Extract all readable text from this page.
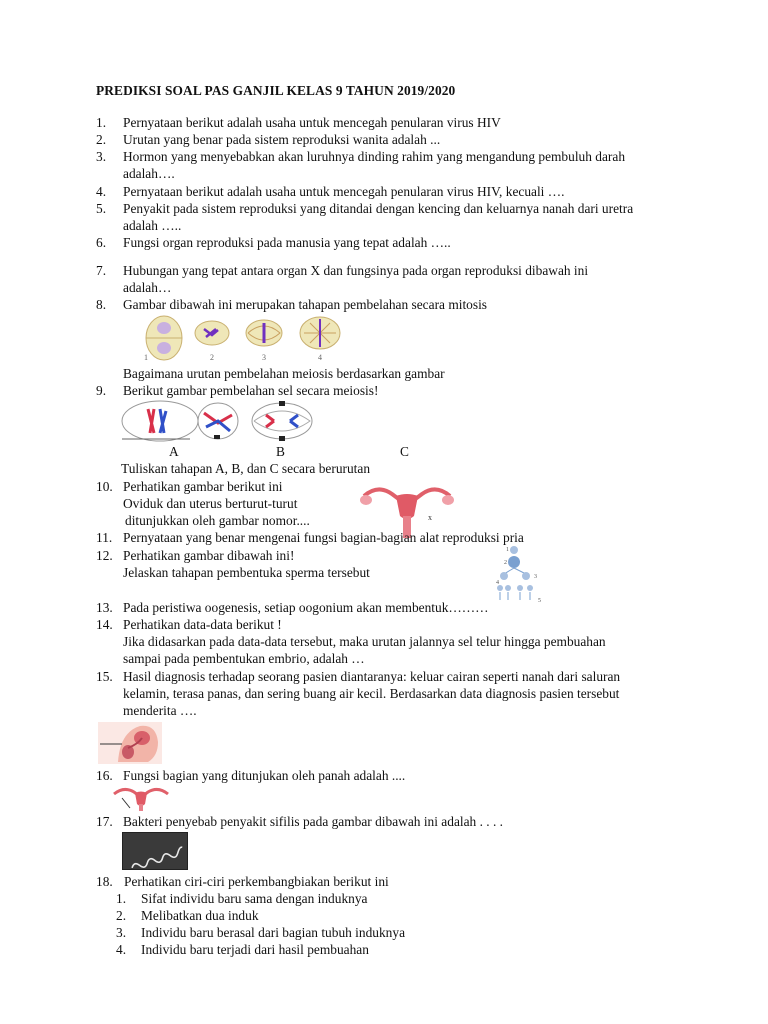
PREDIKSI SOAL PAS GANJIL KELAS 9 TAHUN 2019/2020
1. Pernyataan berikut adalah usaha untuk mencegah penularan virus HIV
2. Urutan yang benar pada sistem reproduksi wanita adalah ...
3. Hormon yang menyebabkan akan luruhnya dinding rahim yang mengandung pembuluh darah
adalah….
4. Pernyataan berikut adalah usaha untuk mencegah penularan virus HIV, kecuali ….
5. Penyakit pada sistem reproduksi yang ditandai dengan kencing dan keluarnya nanah dari uretra
adalah …..
6. Fungsi organ reproduksi pada manusia yang tepat adalah …..
7. Hubungan yang tepat antara organ X dan fungsinya pada organ reproduksi dibawah ini
adalah…
8. Gambar dibawah ini merupakan tahapan pembelahan secara mitosis
1	2	3	4
Bagaimana urutan pembelahan meiosis berdasarkan gambar
9. Berikut gambar pembelahan sel secara meiosis!
A	B	C
Tuliskan tahapan A, B, dan C secara berurutan
10. Perhatikan gambar berikut ini
Oviduk dan uterus berturut-turut
ditunjukkan oleh gambar nomor....	x
11. Pernyataan yang benar mengenai fungsi bagian-bagian alat reproduksi pria
12. Perhatikan gambar dibawah ini!
Jelaskan tahapan pembentuka sperma tersebut
1
2
3
4
5
13. Pada peristiwa oogenesis, setiap oogonium akan membentuk………
14. Perhatikan data-data berikut !
Jika didasarkan pada data-data tersebut, maka urutan jalannya sel telur hingga pembuahan
sampai pada pembentukan embrio, adalah …
15. Hasil diagnosis terhadap seorang pasien diantaranya: keluar cairan seperti nanah dari saluran
kelamin, terasa panas, dan sering buang air kecil. Berdasarkan data diagnosis pasien tersebut
menderita ….
16. Fungsi bagian yang ditunjukan oleh panah adalah ....
17. Bakteri penyebab penyakit sifilis pada gambar dibawah ini adalah . . . .
18. Perhatikan ciri-ciri perkembangbiakan berikut ini
1. Sifat individu baru sama dengan induknya
2. Melibatkan dua induk
3. Individu baru berasal dari bagian tubuh induknya
4. Individu baru terjadi dari hasil pembuahan
